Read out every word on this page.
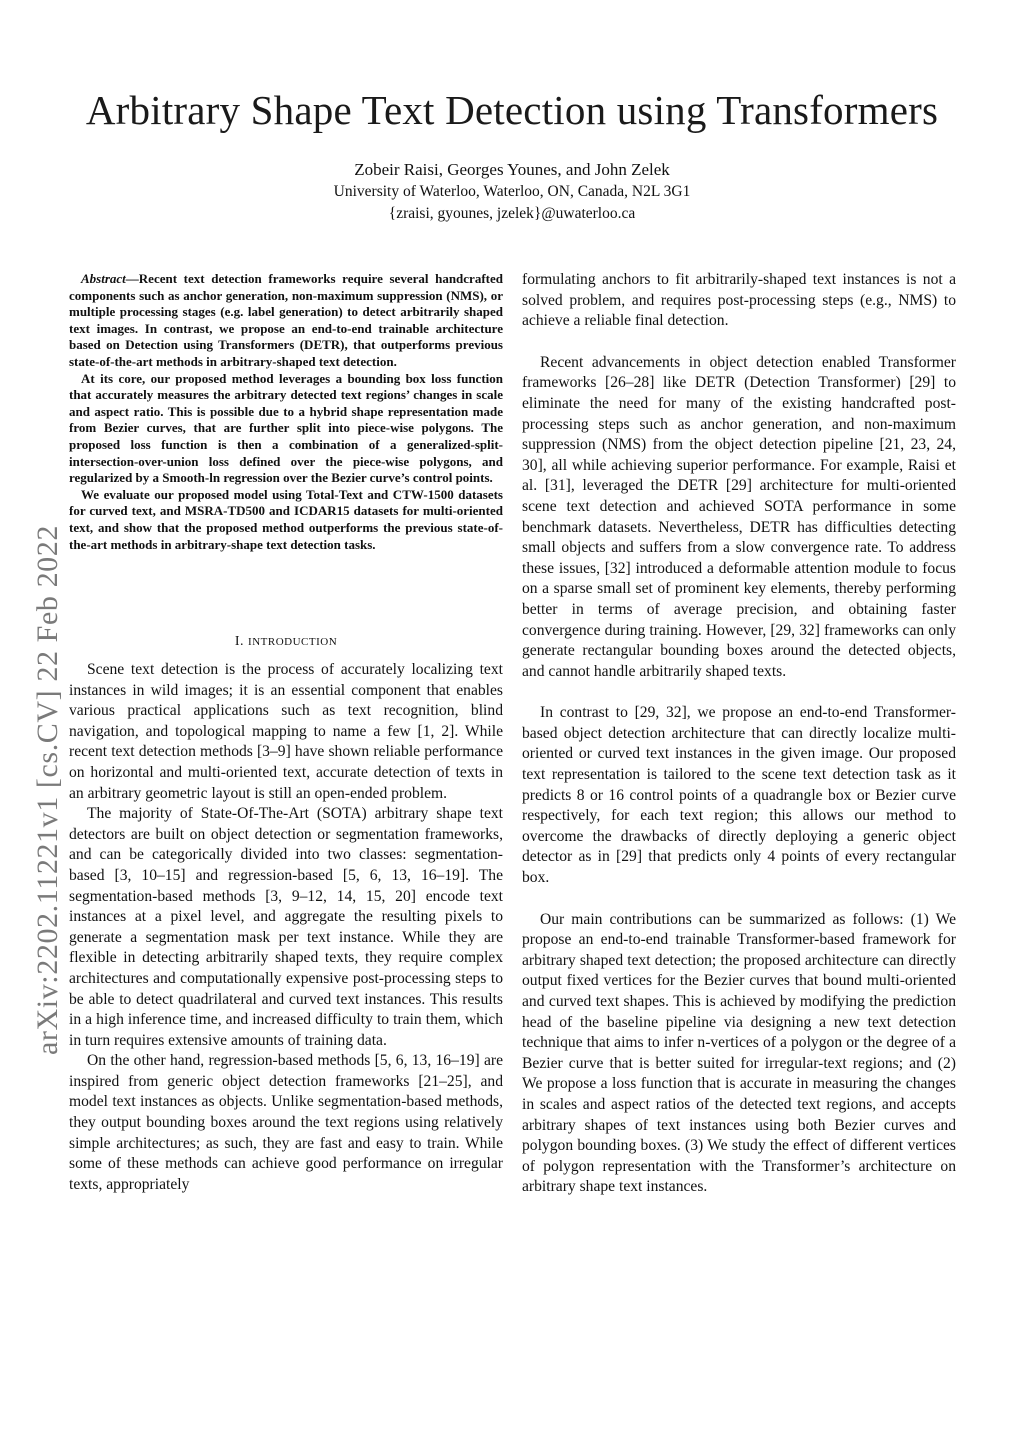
Arbitrary Shape Text Detection using Transformers
Zobeir Raisi, Georges Younes, and John Zelek
University of Waterloo, Waterloo, ON, Canada, N2L 3G1
{zraisi, gyounes, jzelek}@uwaterloo.ca
arXiv:2202.11221v1 [cs.CV] 22 Feb 2022

Abstract—Recent text detection frameworks require several handcrafted components such as anchor generation, non-maximum suppression (NMS), or multiple processing stages (e.g. label generation) to detect arbitrarily shaped text images. In contrast, we propose an end-to-end trainable architecture based on Detection using Transformers (DETR), that outperforms previous state-of-the-art methods in arbitrary-shaped text detection.

At its core, our proposed method leverages a bounding box loss function that accurately measures the arbitrary detected text regions’ changes in scale and aspect ratio. This is possible due to a hybrid shape representation made from Bezier curves, that are further split into piece-wise polygons. The proposed loss function is then a combination of a generalized-split-intersection-over-union loss defined over the piece-wise polygons, and regularized by a Smooth-ln regression over the Bezier curve’s control points.

We evaluate our proposed model using Total-Text and CTW-1500 datasets for curved text, and MSRA-TD500 and ICDAR15 datasets for multi-oriented text, and show that the proposed method outperforms the previous state-of-the-art methods in arbitrary-shape text detection tasks.

I. INTRODUCTION

Scene text detection is the process of accurately localizing text instances in wild images; it is an essential component that enables various practical applications such as text recognition, blind navigation, and topological mapping to name a few [1, 2]. While recent text detection methods [3–9] have shown reliable performance on horizontal and multi-oriented text, accurate detection of texts in an arbitrary geometric layout is still an open-ended problem.

The majority of State-Of-The-Art (SOTA) arbitrary shape text detectors are built on object detection or segmentation frameworks, and can be categorically divided into two classes: segmentation-based [3, 10–15] and regression-based [5, 6, 13, 16–19]. The segmentation-based methods [3, 9–12, 14, 15, 20] encode text instances at a pixel level, and aggregate the resulting pixels to generate a segmentation mask per text instance. While they are flexible in detecting arbitrarily shaped texts, they require complex architectures and computationally expensive post-processing steps to be able to detect quadrilateral and curved text instances. This results in a high inference time, and increased difficulty to train them, which in turn requires extensive amounts of training data.

On the other hand, regression-based methods [5, 6, 13, 16–19] are inspired from generic object detection frameworks [21–25], and model text instances as objects. Unlike segmentation-based methods, they output bounding boxes around the text regions using relatively simple architectures; as such, they are fast and easy to train. While some of these methods can achieve good performance on irregular texts, appropriately

formulating anchors to fit arbitrarily-shaped text instances is not a solved problem, and requires post-processing steps (e.g., NMS) to achieve a reliable final detection.

Recent advancements in object detection enabled Transformer frameworks [26–28] like DETR (Detection Transformer) [29] to eliminate the need for many of the existing handcrafted post-processing steps such as anchor generation, and non-maximum suppression (NMS) from the object detection pipeline [21, 23, 24, 30], all while achieving superior performance. For example, Raisi et al. [31], leveraged the DETR [29] architecture for multi-oriented scene text detection and achieved SOTA performance in some benchmark datasets. Nevertheless, DETR has difficulties detecting small objects and suffers from a slow convergence rate. To address these issues, [32] introduced a deformable attention module to focus on a sparse small set of prominent key elements, thereby performing better in terms of average precision, and obtaining faster convergence during training. However, [29, 32] frameworks can only generate rectangular bounding boxes around the detected objects, and cannot handle arbitrarily shaped texts.

In contrast to [29, 32], we propose an end-to-end Transformer-based object detection architecture that can directly localize multi-oriented or curved text instances in the given image. Our proposed text representation is tailored to the scene text detection task as it predicts 8 or 16 control points of a quadrangle box or Bezier curve respectively, for each text region; this allows our method to overcome the drawbacks of directly deploying a generic object detector as in [29] that predicts only 4 points of every rectangular box.

Our main contributions can be summarized as follows: (1) We propose an end-to-end trainable Transformer-based framework for arbitrary shaped text detection; the proposed architecture can directly output fixed vertices for the Bezier curves that bound multi-oriented and curved text shapes. This is achieved by modifying the prediction head of the baseline pipeline via designing a new text detection technique that aims to infer n-vertices of a polygon or the degree of a Bezier curve that is better suited for irregular-text regions; and (2) We propose a loss function that is accurate in measuring the changes in scales and aspect ratios of the detected text regions, and accepts arbitrary shapes of text instances using both Bezier curves and polygon bounding boxes. (3) We study the effect of different vertices of polygon representation with the Transformer’s architecture on arbitrary shape text instances.
